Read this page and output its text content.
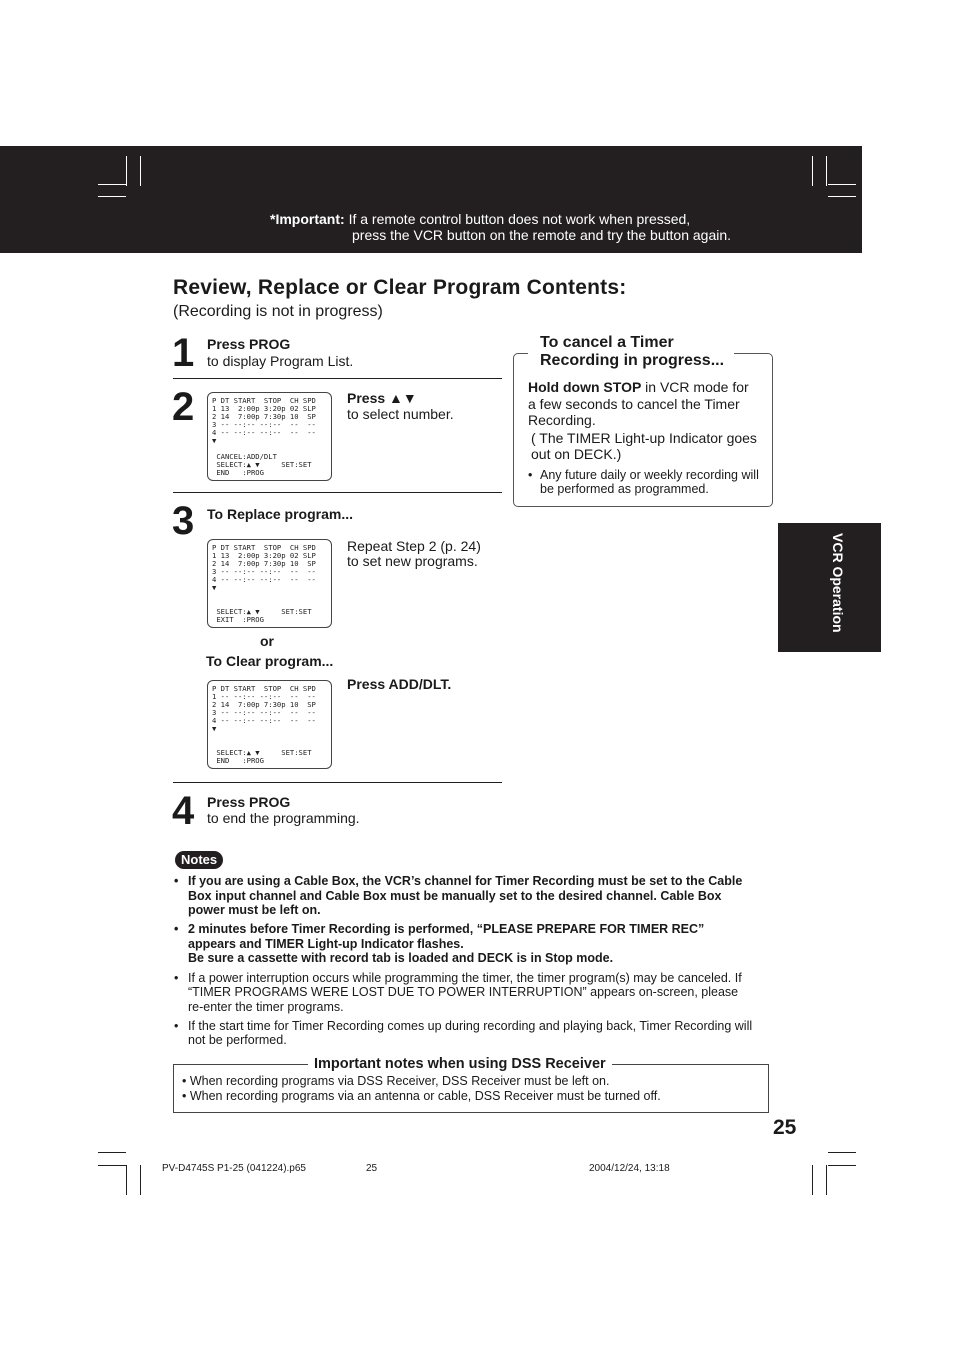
*Important: If a remote control button does not work when pressed,
press the VCR button on the remote and try the button again.
Review, Replace or Clear Program Contents:
(Recording is not in progress)
1 Press PROG
to display Program List.
2	P DT START  STOP  CH SPD
1 13  2:00p 3:20p 02 SLP
2 14  7:00p 7:30p 10  SP
3 -- --:-- --:--  --  --
4 -- --:-- --:--  --  --
▼

CANCEL:ADD/DLT
SELECT:▲ ▼     SET:SET
END   :PROG
Press ▲▼
to select number.
3 To Replace program...
P DT START  STOP  CH SPD
1 13  2:00p 3:20p 02 SLP
2 14  7:00p 7:30p 10  SP
3 -- --:-- --:--  --  --
4 -- --:-- --:--  --  --
▼

SELECT:▲ ▼     SET:SET
EXIT  :PROG
Repeat Step 2 (p. 24)
to set new programs.
or
To Clear program...
P DT START  STOP  CH SPD
1 -- --:-- --:--  --  --
2 14  7:00p 7:30p 10  SP
3 -- --:-- --:--  --  --
4 -- --:-- --:--  --  --
▼

SELECT:▲ ▼     SET:SET
END   :PROG
Press ADD/DLT.
4 Press PROG
to end the programming.
To cancel a Timer
Recording in progress...
Hold down STOP in VCR mode for a few seconds to cancel the Timer Recording.
( The TIMER Light-up Indicator goes out on DECK.)
• Any future daily or weekly recording will be performed as programmed.
VCR Operation
Notes
• If you are using a Cable Box, the VCR’s channel for Timer Recording must be set to the Cable Box input channel and Cable Box must be manually set to the desired channel. Cable Box power must be left on.
• 2 minutes before Timer Recording is performed, “PLEASE PREPARE FOR TIMER REC” appears and TIMER Light-up Indicator flashes.
Be sure a cassette with record tab is loaded and DECK is in Stop mode.
• If a power interruption occurs while programming the timer, the timer program(s) may be canceled. If “TIMER PROGRAMS WERE LOST DUE TO POWER INTERRUPTION” appears on-screen, please re-enter the timer programs.
• If the start time for Timer Recording comes up during recording and playing back, Timer Recording will not be performed.
Important notes when using DSS Receiver
• When recording programs via DSS Receiver, DSS Receiver must be left on.
• When recording programs via an antenna or cable, DSS Receiver must be turned off.
25
PV-D4745S P1-25 (041224).p65	25	2004/12/24, 13:18
